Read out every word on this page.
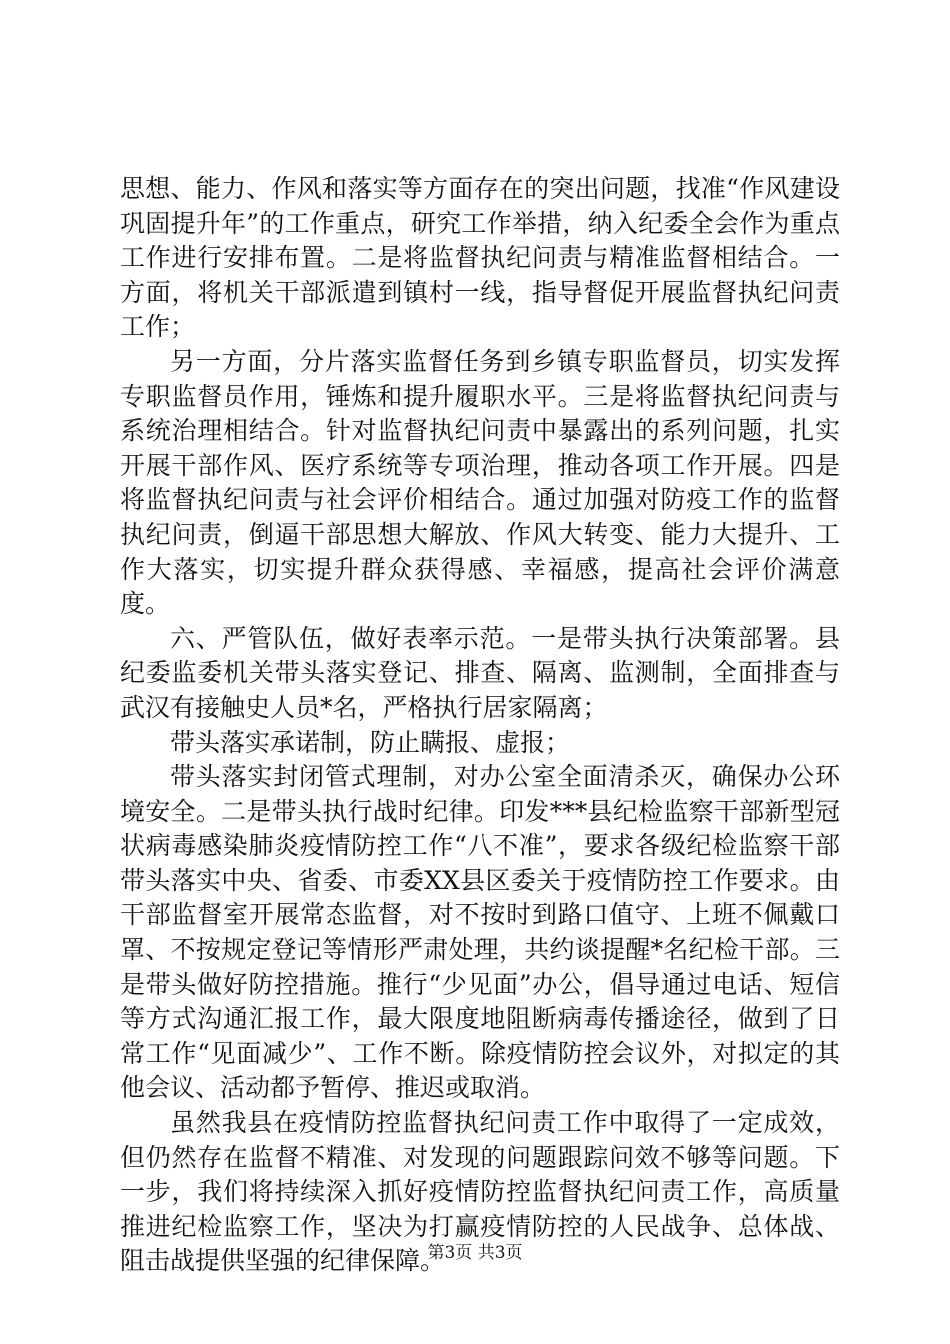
思想、能力、作风和落实等方面存在的突出问题，找准“作风建设巩固提升年”的工作重点，研究工作举措，纳入纪委全会作为重点工作进行安排布置。二是将监督执纪问责与精准监督相结合。一方面，将机关干部派遣到镇村一线，指导督促开展监督执纪问责工作；

另一方面，分片落实监督任务到乡镇专职监督员，切实发挥专职监督员作用，锤炼和提升履职水平。三是将监督执纪问责与系统治理相结合。针对监督执纪问责中暴露出的系列问题，扎实开展干部作风、医疗系统等专项治理，推动各项工作开展。四是将监督执纪问责与社会评价相结合。通过加强对防疫工作的监督执纪问责，倒逼干部思想大解放、作风大转变、能力大提升、工作大落实，切实提升群众获得感、幸福感，提高社会评价满意度。

六、严管队伍，做好表率示范。一是带头执行决策部署。县纪委监委机关带头落实登记、排查、隔离、监测制，全面排查与武汉有接触史人员*名，严格执行居家隔离；

带头落实承诺制，防止瞒报、虚报；

带头落实封闭管式理制，对办公室全面清杀灭，确保办公环境安全。二是带头执行战时纪律。印发***县纪检监察干部新型冠状病毒感染肺炎疫情防控工作“八不准”，要求各级纪检监察干部带头落实中央、省委、市委XX县区委关于疫情防控工作要求。由干部监督室开展常态监督，对不按时到路口值守、上班不佩戴口罩、不按规定登记等情形严肃处理，共约谈提醒*名纪检干部。三是带头做好防控措施。推行“少见面”办公，倡导通过电话、短信等方式沟通汇报工作，最大限度地阻断病毒传播途径，做到了日常工作“见面减少”、工作不断。除疫情防控会议外，对拟定的其他会议、活动都予暂停、推迟或取消。

虽然我县在疫情防控监督执纪问责工作中取得了一定成效，但仍然存在监督不精准、对发现的问题跟踪问效不够等问题。下一步，我们将持续深入抓好疫情防控监督执纪问责工作，高质量推进纪检监察工作，坚决为打赢疫情防控的人民战争、总体战、阻击战提供坚强的纪律保障。

第3页 共3页
